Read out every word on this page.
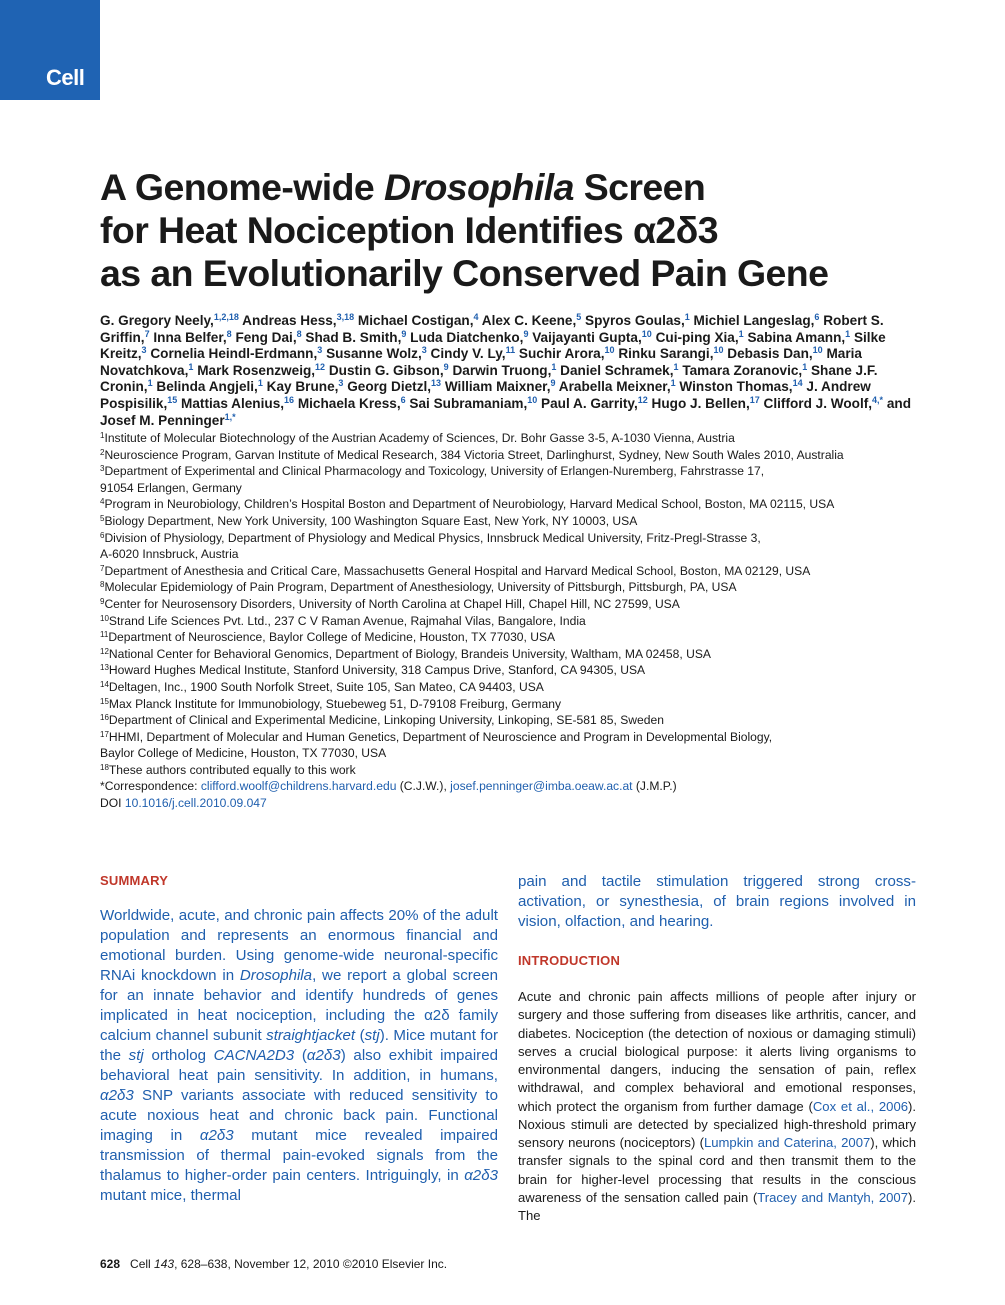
Cell
A Genome-wide Drosophila Screen
for Heat Nociception Identifies α2δ3
as an Evolutionarily Conserved Pain Gene
G. Gregory Neely,$^{1,2,18}$ Andreas Hess,$^{3,18}$ Michael Costigan,$^4$ Alex C. Keene,$^5$ Spyros Goulas,$^1$ Michiel Langeslag,$^6$ Robert S. Griffin,$^7$ Inna Belfer,$^8$ Feng Dai,$^8$ Shad B. Smith,$^9$ Luda Diatchenko,$^9$ Vaijayanti Gupta,$^{10}$ Cui-ping Xia,$^1$ Sabina Amann,$^1$ Silke Kreitz,$^3$ Cornelia Heindl-Erdmann,$^3$ Susanne Wolz,$^3$ Cindy V. Ly,$^{11}$ Suchir Arora,$^{10}$ Rinku Sarangi,$^{10}$ Debasis Dan,$^{10}$ Maria Novatchkova,$^1$ Mark Rosenzweig,$^{12}$ Dustin G. Gibson,$^9$ Darwin Truong,$^1$ Daniel Schramek,$^1$ Tamara Zoranovic,$^1$ Shane J.F. Cronin,$^1$ Belinda Angjeli,$^1$ Kay Brune,$^3$ Georg Dietzl,$^{13}$ William Maixner,$^9$ Arabella Meixner,$^1$ Winston Thomas,$^{14}$ J. Andrew Pospisilik,$^{15}$ Mattias Alenius,$^{16}$ Michaela Kress,$^6$ Sai Subramaniam,$^{10}$ Paul A. Garrity,$^{12}$ Hugo J. Bellen,$^{17}$ Clifford J. Woolf,$^{4,*}$ and Josef M. Penninger$^{1,*}$
$^1$Institute of Molecular Biotechnology of the Austrian Academy of Sciences, Dr. Bohr Gasse 3-5, A-1030 Vienna, Austria
$^2$Neuroscience Program, Garvan Institute of Medical Research, 384 Victoria Street, Darlinghurst, Sydney, New South Wales 2010, Australia
$^3$Department of Experimental and Clinical Pharmacology and Toxicology, University of Erlangen-Nuremberg, Fahrstrasse 17,
91054 Erlangen, Germany
$^4$Program in Neurobiology, Children’s Hospital Boston and Department of Neurobiology, Harvard Medical School, Boston, MA 02115, USA
$^5$Biology Department, New York University, 100 Washington Square East, New York, NY 10003, USA
$^6$Division of Physiology, Department of Physiology and Medical Physics, Innsbruck Medical University, Fritz-Pregl-Strasse 3,
A-6020 Innsbruck, Austria
$^7$Department of Anesthesia and Critical Care, Massachusetts General Hospital and Harvard Medical School, Boston, MA 02129, USA
$^8$Molecular Epidemiology of Pain Program, Department of Anesthesiology, University of Pittsburgh, Pittsburgh, PA, USA
$^9$Center for Neurosensory Disorders, University of North Carolina at Chapel Hill, Chapel Hill, NC 27599, USA
$^{10}$Strand Life Sciences Pvt. Ltd., 237 C V Raman Avenue, Rajmahal Vilas, Bangalore, India
$^{11}$Department of Neuroscience, Baylor College of Medicine, Houston, TX 77030, USA
$^{12}$National Center for Behavioral Genomics, Department of Biology, Brandeis University, Waltham, MA 02458, USA
$^{13}$Howard Hughes Medical Institute, Stanford University, 318 Campus Drive, Stanford, CA 94305, USA
$^{14}$Deltagen, Inc., 1900 South Norfolk Street, Suite 105, San Mateo, CA 94403, USA
$^{15}$Max Planck Institute for Immunobiology, Stuebeweg 51, D-79108 Freiburg, Germany
$^{16}$Department of Clinical and Experimental Medicine, Linkoping University, Linkoping, SE-581 85, Sweden
$^{17}$HHMI, Department of Molecular and Human Genetics, Department of Neuroscience and Program in Developmental Biology,
Baylor College of Medicine, Houston, TX 77030, USA
$^{18}$These authors contributed equally to this work
*Correspondence: clifford.woolf@childrens.harvard.edu (C.J.W.), josef.penninger@imba.oeaw.ac.at (J.M.P.)
DOI 10.1016/j.cell.2010.09.047
SUMMARY

Worldwide, acute, and chronic pain affects 20% of the adult population and represents an enormous financial and emotional burden. Using genome-wide neuronal-specific RNAi knockdown in Drosophila, we report a global screen for an innate behavior and identify hundreds of genes implicated in heat nociception, including the α2δ family calcium channel subunit straightjacket (stj). Mice mutant for the stj ortholog CACNA2D3 (α2δ3) also exhibit impaired behavioral heat pain sensitivity. In addition, in humans, α2δ3 SNP variants associate with reduced sensitivity to acute noxious heat and chronic back pain. Functional imaging in α2δ3 mutant mice revealed impaired transmission of thermal pain-evoked signals from the thalamus to higher-order pain centers. Intriguingly, in α2δ3 mutant mice, thermal

pain and tactile stimulation triggered strong cross-activation, or synesthesia, of brain regions involved in vision, olfaction, and hearing.

INTRODUCTION

Acute and chronic pain affects millions of people after injury or surgery and those suffering from diseases like arthritis, cancer, and diabetes. Nociception (the detection of noxious or damaging stimuli) serves a crucial biological purpose: it alerts living organisms to environmental dangers, inducing the sensation of pain, reflex withdrawal, and complex behavioral and emotional responses, which protect the organism from further damage (Cox et al., 2006). Noxious stimuli are detected by specialized high-threshold primary sensory neurons (nociceptors) (Lumpkin and Caterina, 2007), which transfer signals to the spinal cord and then transmit them to the brain for higher-level processing that results in the conscious awareness of the sensation called pain (Tracey and Mantyh, 2007). The

628 Cell 143, 628–638, November 12, 2010 ©2010 Elsevier Inc.
